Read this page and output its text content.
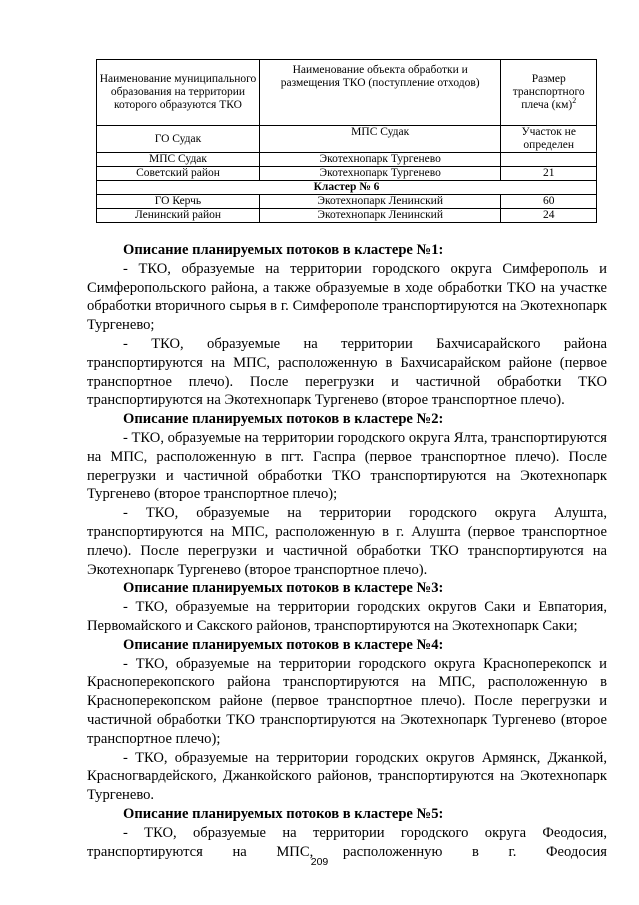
Наименование муниципального образования на территории которого образуются ТКО	Наименование объекта обработки и размещения ТКО (поступление отходов)	Размер транспортного плеча (км)$^2$
ГО Судак	МПС Судак	Участок не определен
МПС Судак	Экотехнопарк Тургенево	
Советский район	Экотехнопарк Тургенево	21
Кластер № 6		
ГО Керчь	Экотехнопарк Ленинский	60
Ленинский район	Экотехнопарк Ленинский	24

Описание планируемых потоков в кластере №1:

- ТКО, образуемые на территории городского округа Симферополь и Симферопольского района, а также образуемые в ходе обработки ТКО на участке обработки вторичного сырья в г. Симферополе транспортируются на Экотехнопарк Тургенево;

- ТКО, образуемые на территории Бахчисарайского района транспортируются на МПС, расположенную в Бахчисарайском районе (первое транспортное плечо). После перегрузки и частичной обработки ТКО транспортируются на Экотехнопарк Тургенево (второе транспортное плечо).

Описание планируемых потоков в кластере №2:

- ТКО, образуемые на территории городского округа Ялта, транспортируются на МПС, расположенную в пгт. Гаспра (первое транспортное плечо). После перегрузки и частичной обработки ТКО транспортируются на Экотехнопарк Тургенево (второе транспортное плечо);

- ТКО, образуемые на территории городского округа Алушта, транспортируются на МПС, расположенную в г. Алушта (первое транспортное плечо). После перегрузки и частичной обработки ТКО транспортируются на Экотехнопарк Тургенево (второе транспортное плечо).

Описание планируемых потоков в кластере №3:

- ТКО, образуемые на территории городских округов Саки и Евпатория, Первомайского и Сакского районов, транспортируются на Экотехнопарк Саки;

Описание планируемых потоков в кластере №4:

- ТКО, образуемые на территории городского округа Красноперекопск и Красноперекопского района транспортируются на МПС, расположенную в Красноперекопском районе (первое транспортное плечо). После перегрузки и частичной обработки ТКО транспортируются на Экотехнопарк Тургенево (второе транспортное плечо);

- ТКО, образуемые на территории городских округов Армянск, Джанкой, Красногвардейского, Джанкойского районов, транспортируются на Экотехнопарк Тургенево.

Описание планируемых потоков в кластере №5:

- ТКО, образуемые на территории городского округа Феодосия, транспортируются на МПС, расположенную в г. Феодосия

209
